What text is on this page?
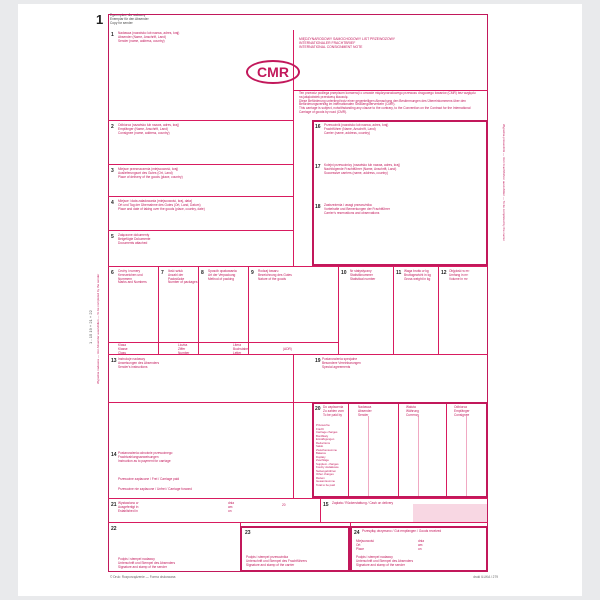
1 Egzemplarz dla nadawcy
Exemplar für den Absender
Copy for sender
Wypełnia nadawca — Von Absender auszufüllen — To be completed by the sender
1 - 15 19 + 21 + 22
Wypełnia przewoźnik — Vom Frachtführer auszufüllen — To be completed by the carrier
MIĘDZYNARODOWY SAMOCHODOWY LIST PRZEWOZOWY
INTERNATIONALER FRACHTBRIEF
INTERNATIONAL CONSIGNMENT NOTE
CMR
Ten przewóz podlega przepisom konwencji o umowie międzynarodowego przewozu drogowego towarów (CMR) bez względu na jakąkolwiek przeciwną klauzulę.
Diese Beförderung unterliegt trotz einer gegenteiligen Abmachung den Bestimmungen des Übereinkommens über den Beförderungsvertrag im internationalen Straßengüterverkehr (CMR).
This carriage is subject, notwithstanding any clause to the contrary, to the Convention on the Contract for the International Carriage of goods by road (CMR).
1 Nadawca (nazwisko lub nazwa, adres, kraj)
Absender (Name, Anschrift, Land)
Sender (name, address, country)
2 Odbiorca (nazwisko lub nazwa, adres, kraj)
Empfänger (Name, Anschrift, Land)
Consignee (name, address, country)
3 Miejsce przeznaczenia (miejscowość, kraj)
Auslieferungsort des Gutes (Ort, Land)
Place of delivery of the goods (place, country)
4 Miejsce i data załadowania (miejscowość, kraj, data)
Ort und Tag der Übernahme des Gutes (Ort, Land, Datum)
Place and date of taking over the goods (place, country, date)
5 Załączone dokumenty
Beigefügte Dokumente
Documents attached
6 Cechy i numery
Kennzeichen und Nummern
Marks and Numbers
7 Ilość sztuk
Anzahl der Packstücke
Number of packages
8 Sposób opakowania
Art der Verpackung
Method of packing
9 Rodzaj towaru
Bezeichnung des Gutes
Nature of the goods
10 Nr statystyczny
Statistiknummer
Statistical number
11 Waga brutto w kg
Bruttogewicht in kg
Gross weight in kg
12 Objętość w m³
Umfang in m³
Volume in m³
Klasa
Klasse
Class
Liczba
Ziffer
Number
Litera
Buchstabe
Letter
(ADR)
13 Instrukcje nadawcy
Anweisungen des Absenders
Sender's instructions
19 Postanowienia specjalne
Besondere Vereinbarungen
Special agreements
14 Postanowienia odnośnie przewoźnego
Frachtzahlungsanweisungen
Instruction as to payment for carriage
Przewoźne zapłacone / Frei / Carriage paid
Przewoźne nie zapłacone / Unfrei / Carriage forward
20 Do zapłacenia
Zu zahlen vom
To be paid by
Nadawca
Absender
Sender
Waluta
Währung
Currency
Odbiorca
Empfänger
Consignee
Przewoźne
Fracht
Carriage charges
Bonifikaty
Ermäßigungen
Reductions
Saldo
Zwischensumme
Balance
Dopłaty
Zuschläge
Supplem. charges
Koszty dodatkowe
Nebengebühren
Other charges
Razem
Gesamtsumme
Total to be paid
21 Wystawiono w
Ausgefertigt in
Established in
dnia
am
on
20	15 Zapłata / Rückerstattung / Cash on delivery
22
Podpis i stempel nadawcy
Unterschrift und Stempel des Absenders
Signature and stamp of the sender
23
Podpis i stempel przewoźnika
Unterschrift und Stempel des Frachtführers
Signature and stamp of the carrier
24 Przesyłkę otrzymano / Gut empfangen / Goods received
Miejscowość
Ort
Place
dnia
am
on
Podpis i stempel nadawcy
Unterschrift und Stempel des Absenders
Signature and stamp of the sender
16 Przewoźnik (nazwisko lub nazwa, adres, kraj)
Frachtführer (Name, Anschrift, Land)
Carrier (name, address, country)
17 Kolejni przewoźnicy (nazwisko lub nazwa, adres, kraj)
Nachfolgende Frachtführer (Name, Anschrift, Land)
Successive carriers (name, address, country)
18 Zastrzeżenia i uwagi przewoźnika
Vorbehalte und Bemerkungen der Frachtführer
Carrier's reservations and observations
© Druk: Rozporządzenie — Forma drukowana	druki ILUKA / 279
